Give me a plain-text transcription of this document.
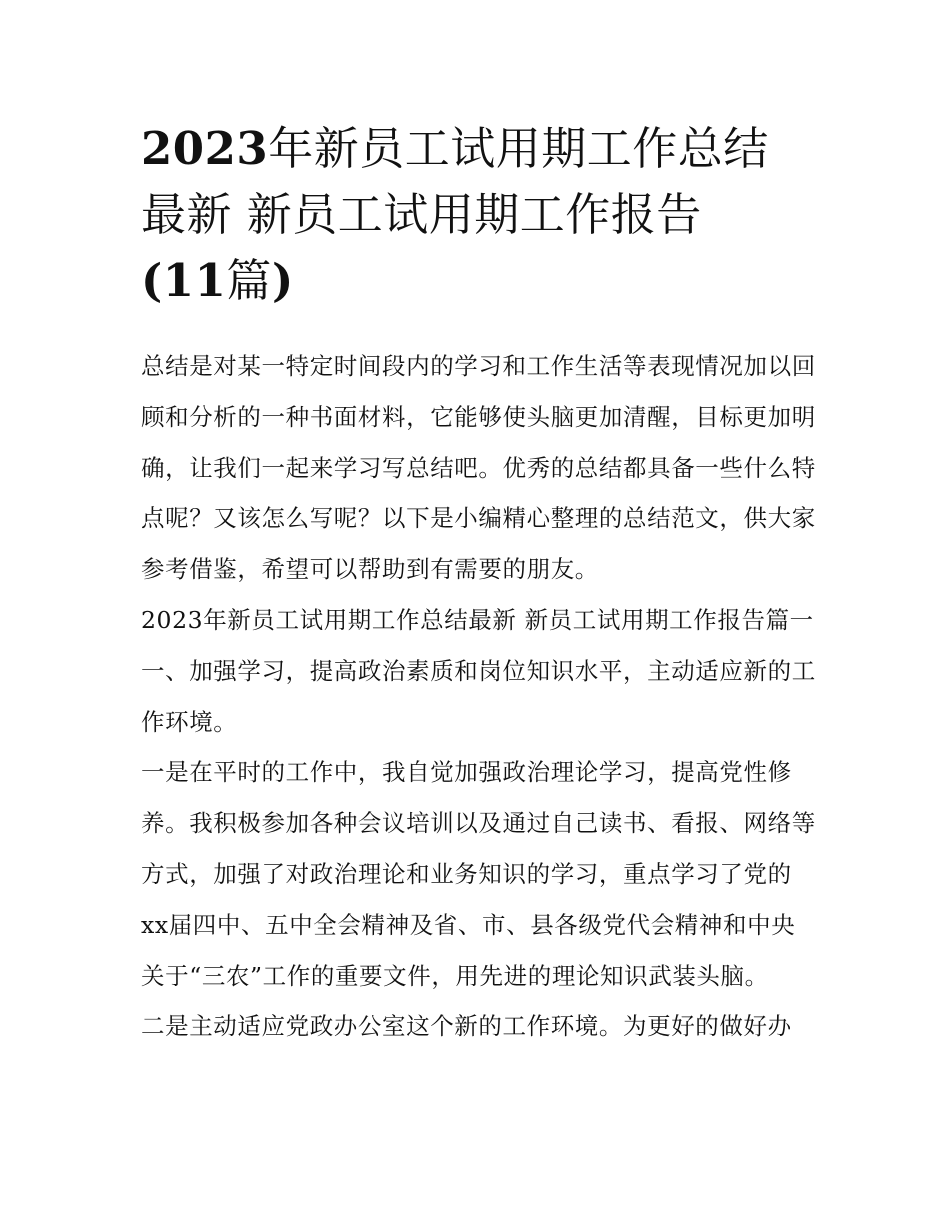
2023年新员工试用期工作总结
最新 新员工试用期工作报告
(11篇)

总结是对某一特定时间段内的学习和工作生活等表现情况加以回顾和分析的一种书面材料，它能够使头脑更加清醒，目标更加明确，让我们一起来学习写总结吧。优秀的总结都具备一些什么特点呢？又该怎么写呢？以下是小编精心整理的总结范文，供大家参考借鉴，希望可以帮助到有需要的朋友。

2023年新员工试用期工作总结最新 新员工试用期工作报告篇一 一、加强学习，提高政治素质和岗位知识水平，主动适应新的工作环境。

一是在平时的工作中，我自觉加强政治理论学习，提高党性修养。我积极参加各种会议培训以及通过自己读书、看报、网络等方式，加强了对政治理论和业务知识的学习，重点学习了党的xx届四中、五中全会精神及省、市、县各级党代会精神和中央关于“三农”工作的重要文件，用先进的理论知识武装头脑。

二是主动适应党政办公室这个新的工作环境。为更好的做好办
